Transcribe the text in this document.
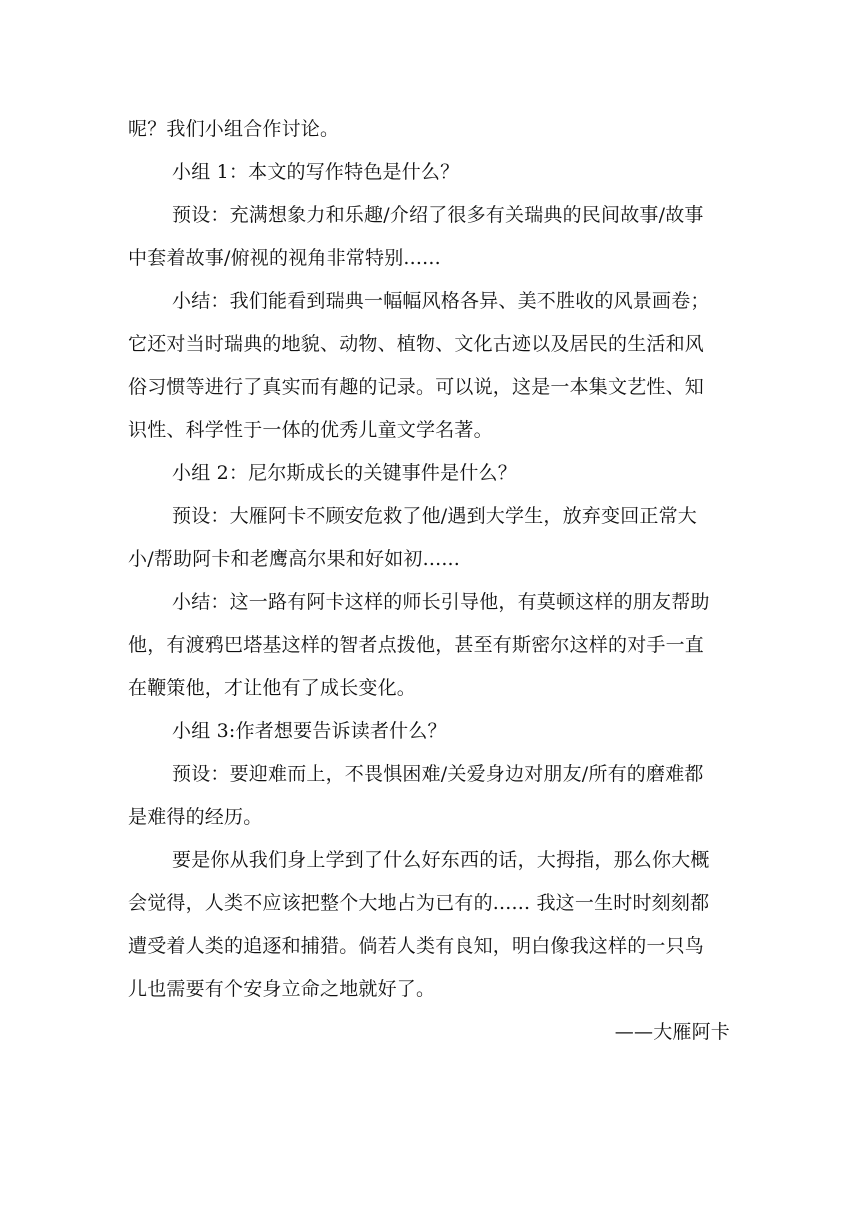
呢？我们小组合作讨论。
小组 1：本文的写作特色是什么？
预设：充满想象力和乐趣/介绍了很多有关瑞典的民间故事/故事
中套着故事/俯视的视角非常特别......
小结：我们能看到瑞典一幅幅风格各异、美不胜收的风景画卷；
它还对当时瑞典的地貌、动物、植物、文化古迹以及居民的生活和风
俗习惯等进行了真实而有趣的记录。可以说，这是一本集文艺性、知
识性、科学性于一体的优秀儿童文学名著。
小组 2：尼尔斯成长的关键事件是什么？
预设：大雁阿卡不顾安危救了他/遇到大学生，放弃变回正常大
小/帮助阿卡和老鹰高尔果和好如初......
小结：这一路有阿卡这样的师长引导他，有莫顿这样的朋友帮助
他，有渡鸦巴塔基这样的智者点拨他，甚至有斯密尔这样的对手一直
在鞭策他，才让他有了成长变化。
小组 3:作者想要告诉读者什么？
预设：要迎难而上，不畏惧困难/关爱身边对朋友/所有的磨难都
是难得的经历。
要是你从我们身上学到了什么好东西的话，大拇指，那么你大概
会觉得，人类不应该把整个大地占为已有的...... 我这一生时时刻刻都
遭受着人类的追逐和捕猎。倘若人类有良知，明白像我这样的一只鸟
儿也需要有个安身立命之地就好了。
——大雁阿卡
